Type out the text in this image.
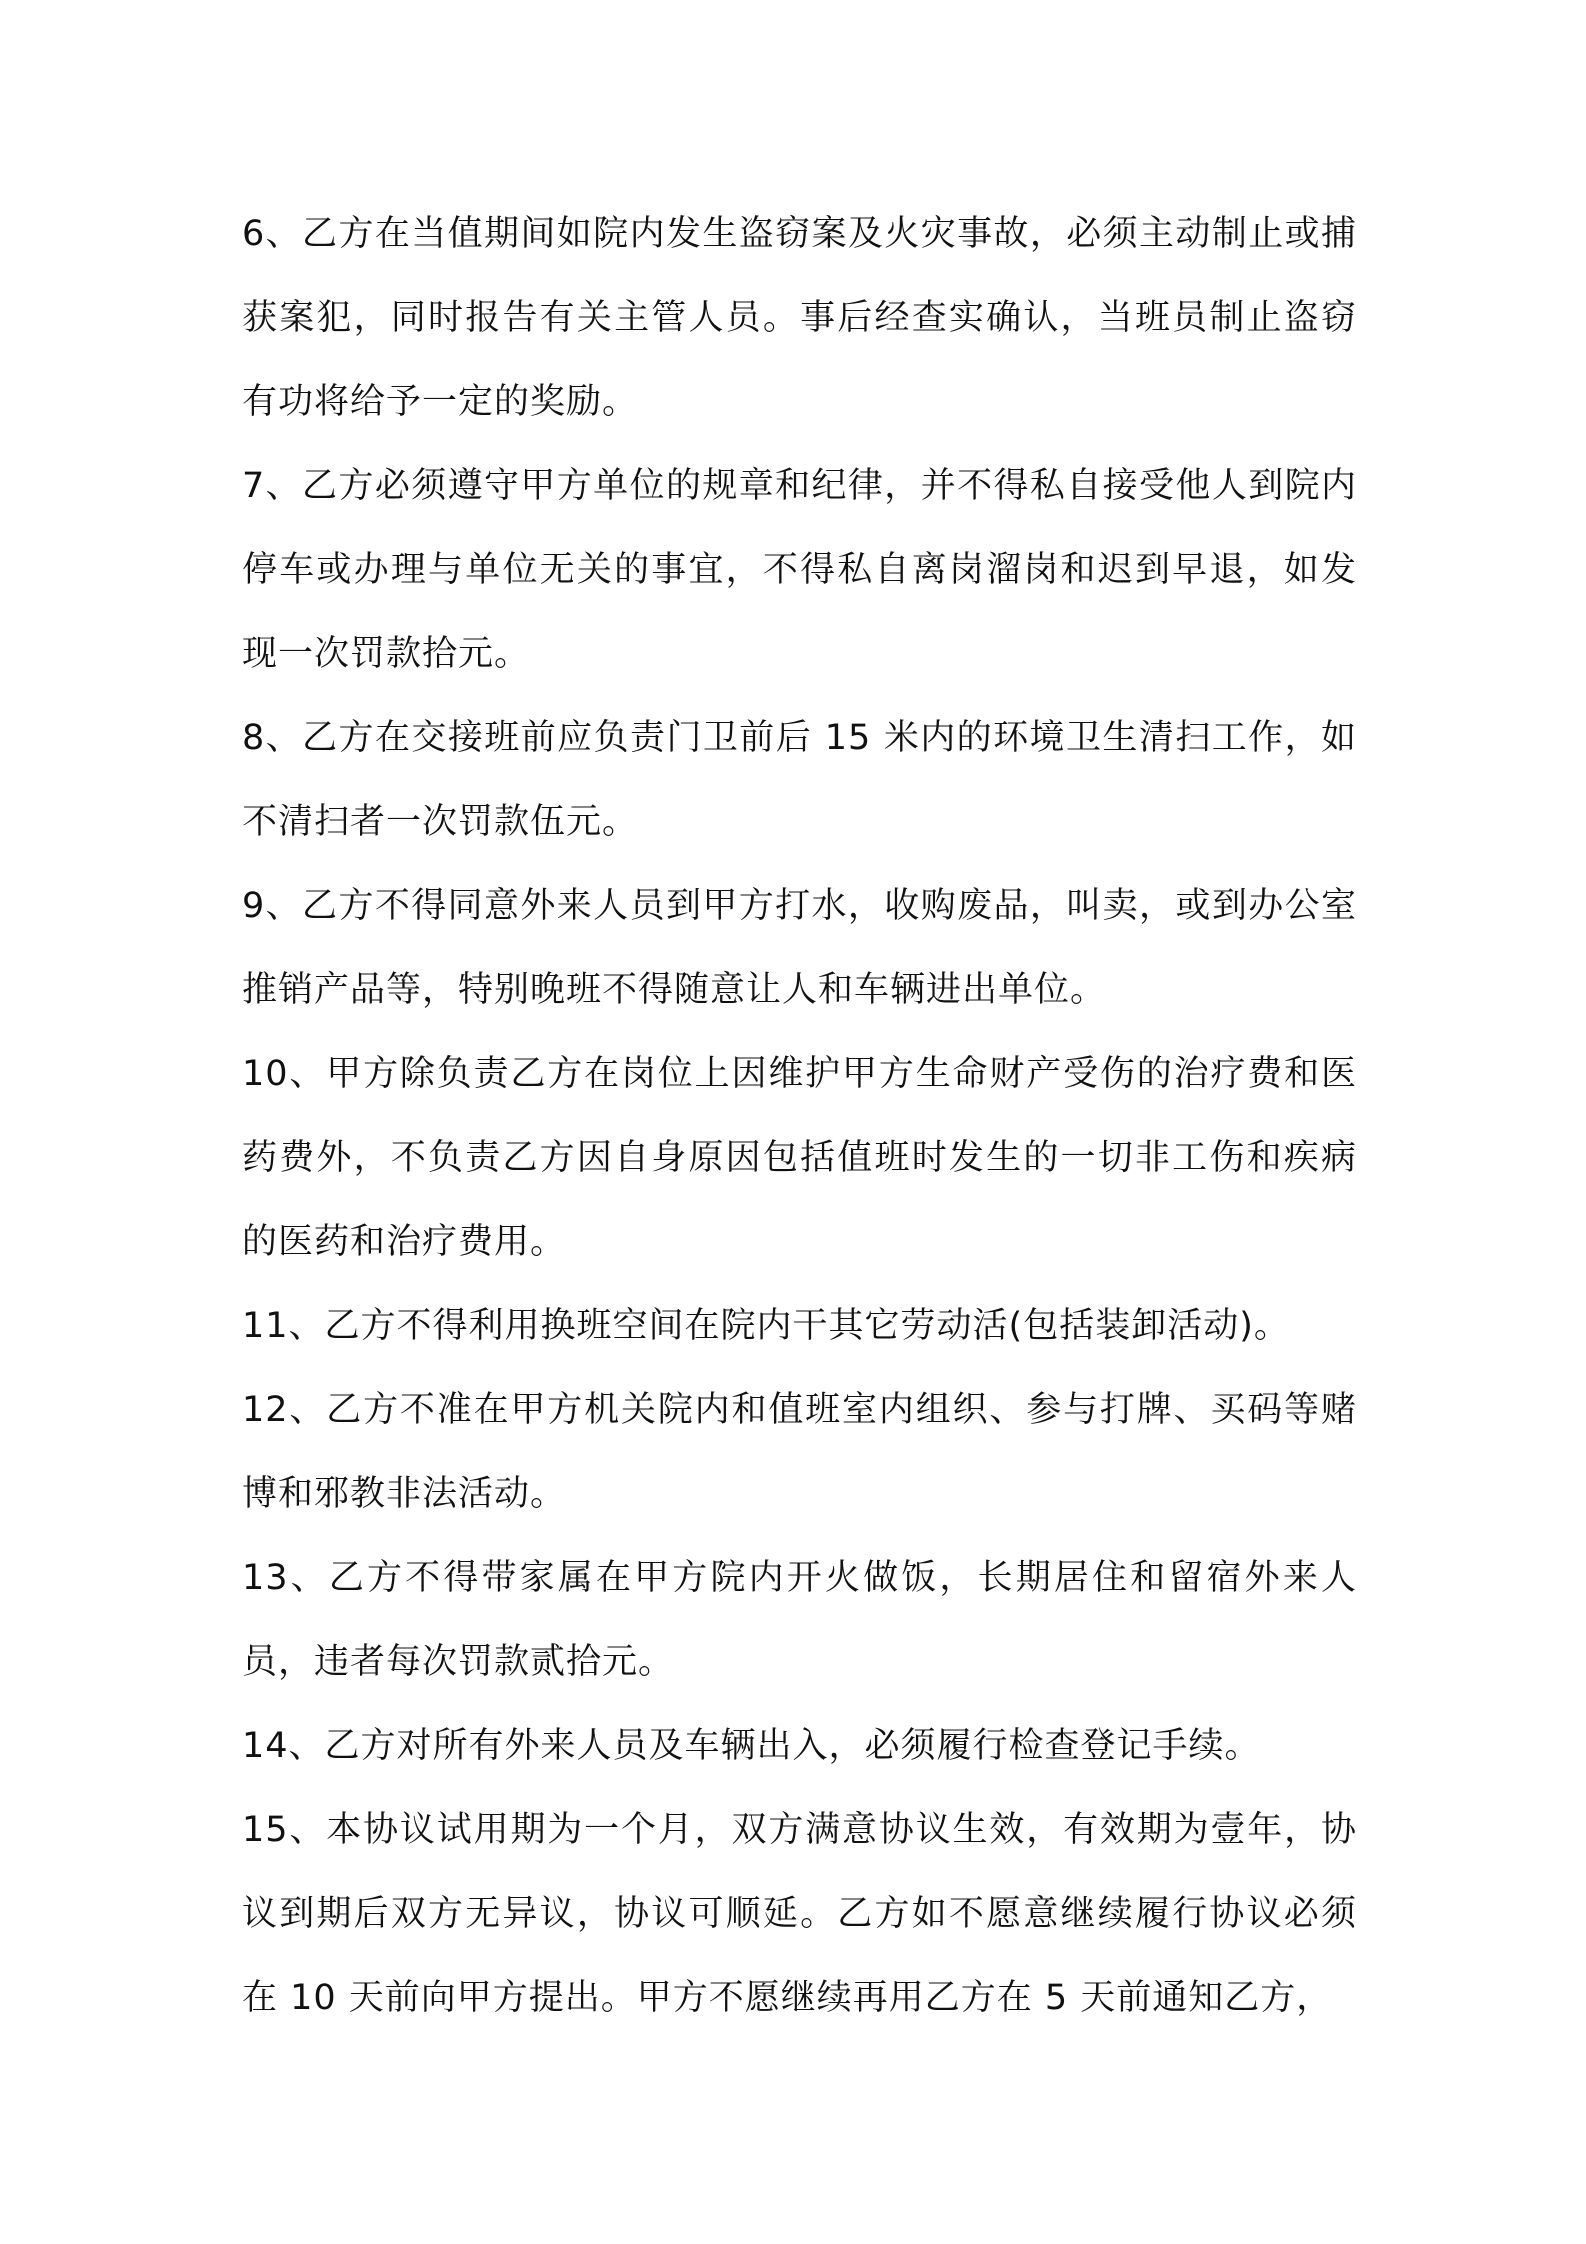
6、乙方在当值期间如院内发生盗窃案及火灾事故，必须主动制止或捕获案犯，同时报告有关主管人员。事后经查实确认，当班员制止盗窃有功将给予一定的奖励。

7、乙方必须遵守甲方单位的规章和纪律，并不得私自接受他人到院内停车或办理与单位无关的事宜，不得私自离岗溜岗和迟到早退，如发现一次罚款拾元。

8、乙方在交接班前应负责门卫前后 15 米内的环境卫生清扫工作，如不清扫者一次罚款伍元。

9、乙方不得同意外来人员到甲方打水，收购废品，叫卖，或到办公室推销产品等，特别晚班不得随意让人和车辆进出单位。

10、甲方除负责乙方在岗位上因维护甲方生命财产受伤的治疗费和医药费外，不负责乙方因自身原因包括值班时发生的一切非工伤和疾病的医药和治疗费用。

11、乙方不得利用换班空间在院内干其它劳动活(包括装卸活动)。

12、乙方不准在甲方机关院内和值班室内组织、参与打牌、买码等赌博和邪教非法活动。

13、乙方不得带家属在甲方院内开火做饭，长期居住和留宿外来人员，违者每次罚款贰拾元。

14、乙方对所有外来人员及车辆出入，必须履行检查登记手续。

15、本协议试用期为一个月，双方满意协议生效，有效期为壹年，协议到期后双方无异议，协议可顺延。乙方如不愿意继续履行协议必须在 10 天前向甲方提出。甲方不愿继续再用乙方在 5 天前通知乙方，
